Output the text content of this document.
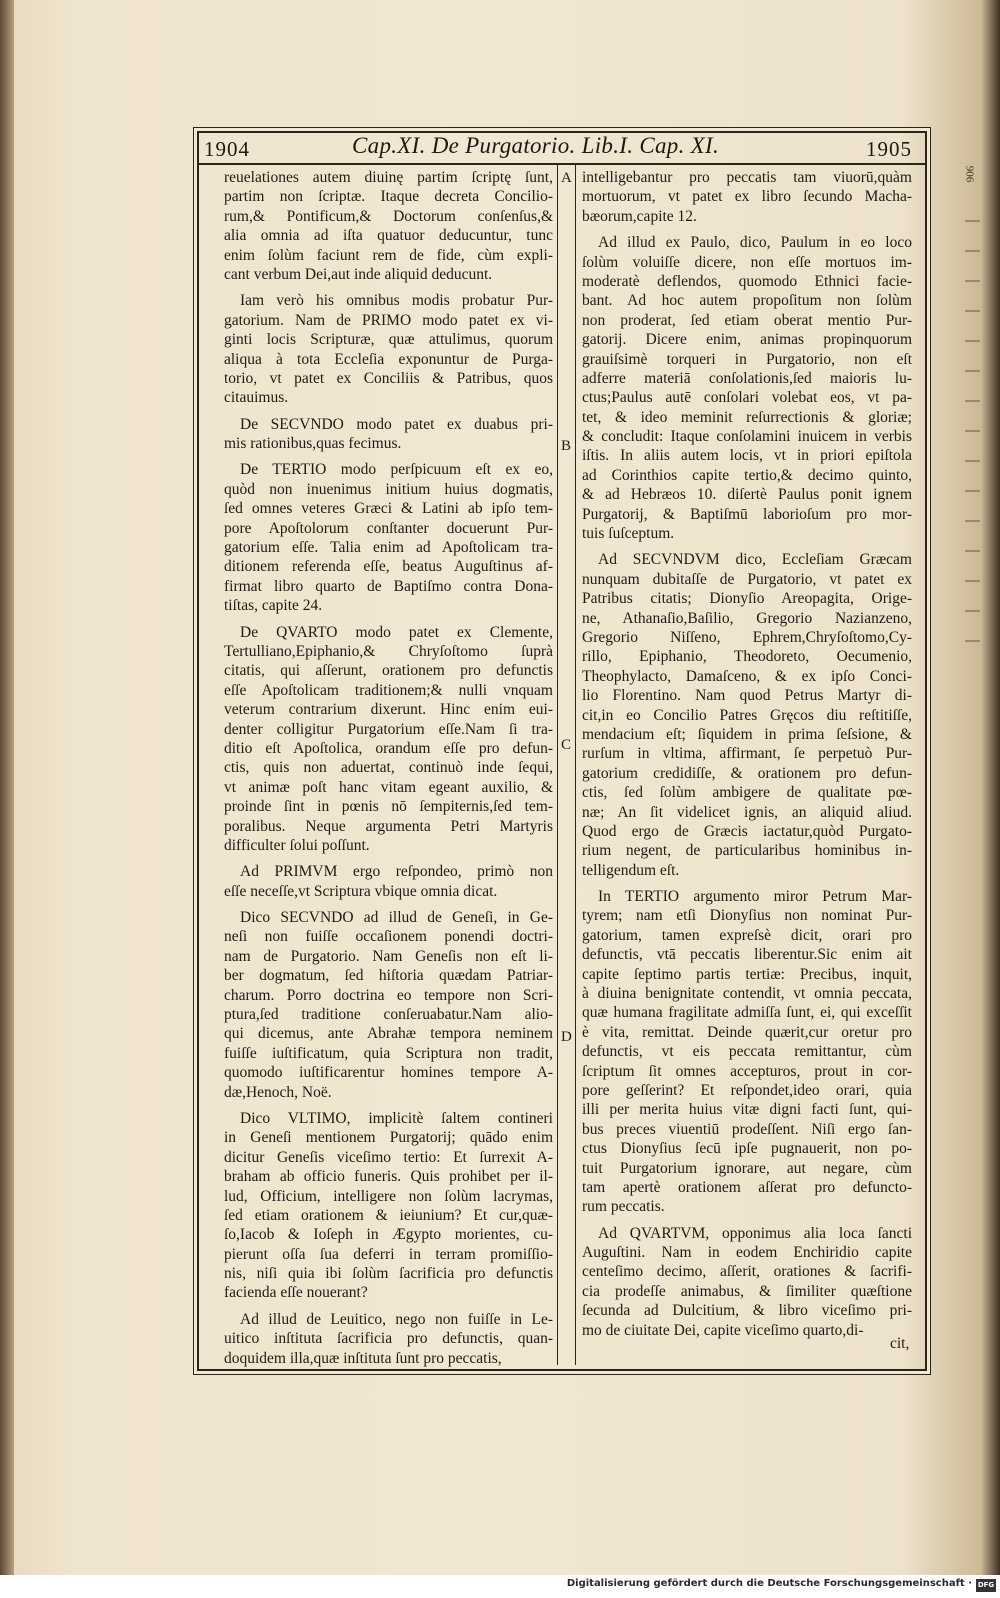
906
1904	Cap.XI. De Purgatorio. Lib.I. Cap. XI.	1905
A
B
C
D
reuelationes autem diuinę partim ſcriptę ſunt,
partim non ſcriptæ. Itaque decreta Concilio-
rum,& Pontificum,& Doctorum conſenſus,&
alia omnia ad iſta quatuor deducuntur, tunc
enim ſolùm faciunt rem de fide, cùm expli-
cant verbum Dei,aut inde aliquid deducunt.
Iam verò his omnibus modis probatur Pur-
gatorium. Nam de PRIMO modo patet ex vi-
ginti locis Scripturæ, quæ attulimus, quorum
aliqua à tota Eccleſia exponuntur de Purga-
torio, vt patet ex Conciliis & Patribus, quos
citauimus.
De SECVNDO modo patet ex duabus pri-
mis rationibus,quas fecimus.
De TERTIO modo perſpicuum eſt ex eo,
quòd non inuenimus initium huius dogmatis,
ſed omnes veteres Græci & Latini ab ipſo tem-
pore Apoſtolorum conſtanter docuerunt Pur-
gatorium eſſe. Talia enim ad Apoſtolicam tra-
ditionem referenda eſſe, beatus Auguſtinus af-
firmat libro quarto de Baptiſmo contra Dona-
tiſtas, capite 24.
De QVARTO modo patet ex Clemente,
Tertulliano,Epiphanio,& Chryſoſtomo ſuprà
citatis, qui aſſerunt, orationem pro defunctis
eſſe Apoſtolicam traditionem;& nulli vnquam
veterum contrarium dixerunt. Hinc enim eui-
denter colligitur Purgatorium eſſe.Nam ſi tra-
ditio eſt Apoſtolica, orandum eſſe pro defun-
ctis, quis non aduertat, continuò inde ſequi,
vt animæ poſt hanc vitam egeant auxilio, &
proinde ſint in pœnis nō ſempiternis,ſed tem-
poralibus. Neque argumenta Petri Martyris
difficulter ſolui poſſunt.
Ad PRIMVM ergo reſpondeo, primò non
eſſe neceſſe,vt Scriptura vbique omnia dicat.
Dico SECVNDO ad illud de Geneſi, in Ge-
neſi non fuiſſe occaſionem ponendi doctri-
nam de Purgatorio. Nam Geneſis non eſt li-
ber dogmatum, ſed hiſtoria quædam Patriar-
charum. Porro doctrina eo tempore non Scri-
ptura,ſed traditione conſeruabatur.Nam alio-
qui dicemus, ante Abrahæ tempora neminem
fuiſſe iuſtificatum, quia Scriptura non tradit,
quomodo iuſtificarentur homines tempore A-
dæ,Henoch, Noë.
Dico VLTIMO, implicitè ſaltem contineri
in Geneſi mentionem Purgatorij; quādo enim
dicitur Geneſis viceſimo tertio: Et ſurrexit A-
braham ab officio funeris. Quis prohibet per il-
lud, Officium, intelligere non ſolùm lacrymas,
ſed etiam orationem & ieiunium? Et cur,quæ-
ſo,Iacob & Ioſeph in Ægypto morientes, cu-
pierunt oſſa ſua deferri in terram promiſſio-
nis, niſi quia ibi ſolùm ſacrificia pro defunctis
facienda eſſe nouerant?
Ad illud de Leuitico, nego non fuiſſe in Le-
uitico inſtituta ſacrificia pro defunctis, quan-
doquidem illa,quæ inſtituta ſunt pro peccatis,
intelligebantur pro peccatis tam viuorū,quàm
mortuorum, vt patet ex libro ſecundo Macha-
bæorum,capite 12.
Ad illud ex Paulo, dico, Paulum in eo loco
ſolùm voluiſſe dicere, non eſſe mortuos im-
moderatè deflendos, quomodo Ethnici facie-
bant. Ad hoc autem propoſitum non ſolùm
non proderat, ſed etiam oberat mentio Pur-
gatorij. Dicere enim, animas propinquorum
grauiſsimè torqueri in Purgatorio, non eſt
adferre materiā conſolationis,ſed maioris lu-
ctus;Paulus autē conſolari volebat eos, vt pa-
tet, & ideo meminit reſurrectionis & gloriæ;
& concludit: Itaque conſolamini inuicem in verbis
iſtis. In aliis autem locis, vt in priori epiſtola
ad Corinthios capite tertio,& decimo quinto,
& ad Hebræos 10. diſertè Paulus ponit ignem
Purgatorij, & Baptiſmū laborioſum pro mor-
tuis ſuſceptum.
Ad SECVNDVM dico, Eccleſiam Græcam
nunquam dubitaſſe de Purgatorio, vt patet ex
Patribus citatis; Dionyſio Areopagita, Orige-
ne, Athanaſio,Baſilio, Gregorio Nazianzeno,
Gregorio Niſſeno, Ephrem,Chryſoſtomo,Cy-
rillo, Epiphanio, Theodoreto, Oecumenio,
Theophylacto, Damaſceno, & ex ipſo Conci-
lio Florentino. Nam quod Petrus Martyr di-
cit,in eo Concilio Patres Gręcos diu reſtitiſſe,
mendacium eſt; ſiquidem in prima ſeſsione, &
rurſum in vltima, affirmant, ſe perpetuò Pur-
gatorium credidiſſe, & orationem pro defun-
ctis, ſed ſolùm ambigere de qualitate pœ-
næ; An ſit videlicet ignis, an aliquid aliud.
Quod ergo de Græcis iactatur,quòd Purgato-
rium negent, de particularibus hominibus in-
telligendum eſt.
In TERTIO argumento miror Petrum Mar-
tyrem; nam etſi Dionyſius non nominat Pur-
gatorium, tamen expreſsè dicit, orari pro
defunctis, vtā peccatis liberentur.Sic enim ait
capite ſeptimo partis tertiæ: Precibus, inquit,
à diuina benignitate contendit, vt omnia peccata,
quæ humana fragilitate admiſſa ſunt, ei, qui exceſſit
è vita, remittat. Deinde quærit,cur oretur pro
defunctis, vt eis peccata remittantur, cùm
ſcriptum ſit omnes accepturos, prout in cor-
pore geſſerint? Et reſpondet,ideo orari, quia
illi per merita huius vitæ digni facti ſunt, qui-
bus preces viuentiū prodeſſent. Niſi ergo ſan-
ctus Dionyſius ſecū ipſe pugnauerit, non po-
tuit Purgatorium ignorare, aut negare, cùm
tam apertè orationem aſſerat pro defuncto-
rum peccatis.
Ad QVARTVM, opponimus alia loca ſancti
Auguſtini. Nam in eodem Enchiridio capite
centeſimo decimo, aſſerit, orationes & ſacrifi-
cia prodeſſe animabus, & ſimiliter quæſtione
ſecunda ad Dulcitium, & libro viceſimo pri-
mo de ciuitate Dei, capite viceſimo quarto,di-
cit,
Digitalisierung gefördert durch die Deutsche Forschungsgemeinschaft · DFG
